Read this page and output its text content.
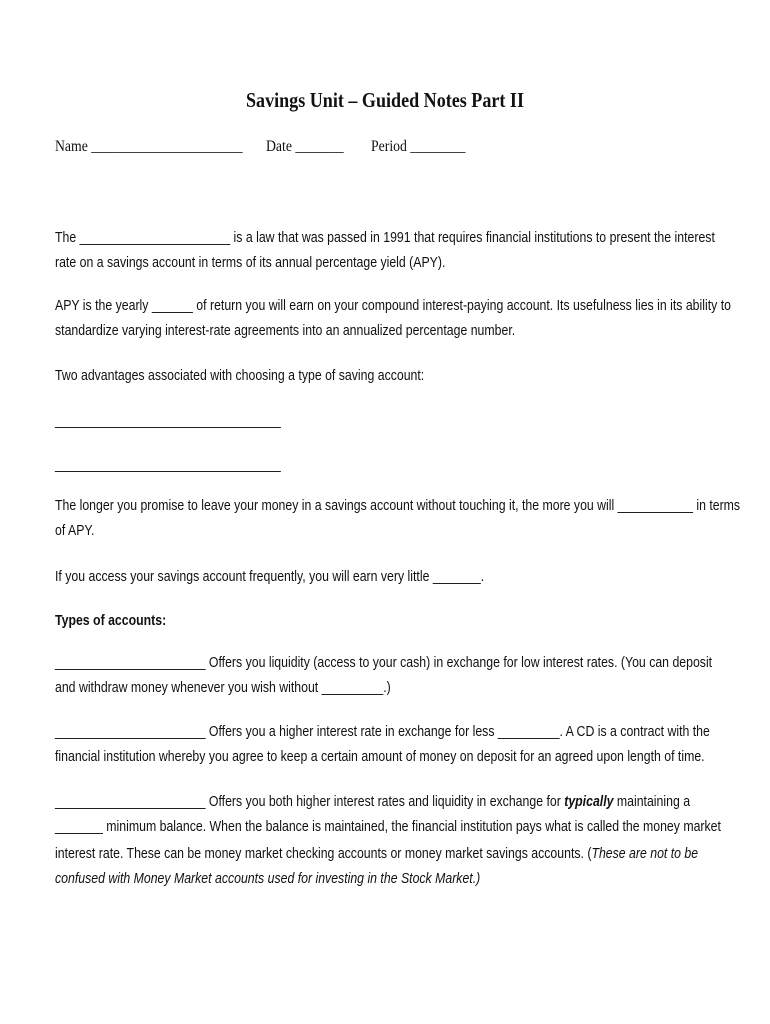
Savings Unit – Guided Notes Part II
Name ______________________ Date _______ Period ________
The ______________________ is a law that was passed in 1991 that requires financial institutions to present the interest
rate on a savings account in terms of its annual percentage yield (APY).
APY is the yearly ______ of return you will earn on your compound interest-paying account. Its usefulness lies in its ability to
standardize varying interest-rate agreements into an annualized percentage number.
Two advantages associated with choosing a type of saving account:
_________________________________
_________________________________
The longer you promise to leave your money in a savings account without touching it, the more you will ___________ in terms
of APY.
If you access your savings account frequently, you will earn very little _______.
Types of accounts:
______________________ Offers you liquidity (access to your cash) in exchange for low interest rates. (You can deposit
and withdraw money whenever you wish without _________.)
______________________ Offers you a higher interest rate in exchange for less _________. A CD is a contract with the
financial institution whereby you agree to keep a certain amount of money on deposit for an agreed upon length of time.
______________________ Offers you both higher interest rates and liquidity in exchange for typically maintaining a
_______ minimum balance. When the balance is maintained, the financial institution pays what is called the money market
interest rate. These can be money market checking accounts or money market savings accounts. (These are not to be
confused with Money Market accounts used for investing in the Stock Market.)
